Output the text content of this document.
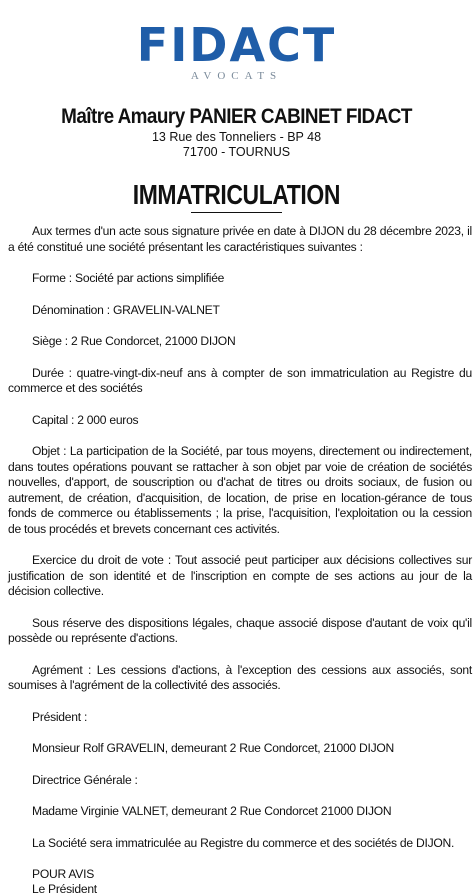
FIDACT
AVOCATS
Maître Amaury PANIER CABINET FIDACT
13 Rue des Tonneliers - BP 48
71700 - TOURNUS
IMMATRICULATION

Aux termes d'un acte sous signature privée en date à DIJON du 28 décembre 2023, il a été constitué une société présentant les caractéristiques suivantes :

Forme : Société par actions simplifiée

Dénomination : GRAVELIN-VALNET

Siège : 2 Rue Condorcet, 21000 DIJON

Durée : quatre-vingt-dix-neuf ans à compter de son immatriculation au Registre du commerce et des sociétés

Capital : 2 000 euros

Objet : La participation de la Société, par tous moyens, directement ou indirectement, dans toutes opérations pouvant se rattacher à son objet par voie de création de sociétés nouvelles, d'apport, de souscription ou d'achat de titres ou droits sociaux, de fusion ou autrement, de création, d'acquisition, de location, de prise en location-gérance de tous fonds de commerce ou établissements ; la prise, l'acquisition, l'exploitation ou la cession de tous procédés et brevets concernant ces activités.

Exercice du droit de vote : Tout associé peut participer aux décisions collectives sur justification de son identité et de l'inscription en compte de ses actions au jour de la décision collective.

Sous réserve des dispositions légales, chaque associé dispose d'autant de voix qu'il possède ou représente d'actions.

Agrément : Les cessions d'actions, à l'exception des cessions aux associés, sont soumises à l'agrément de la collectivité des associés.

Président :

Monsieur Rolf GRAVELIN, demeurant 2 Rue Condorcet, 21000 DIJON

Directrice Générale :

Madame Virginie VALNET, demeurant 2 Rue Condorcet 21000 DIJON

La Société sera immatriculée au Registre du commerce et des sociétés de DIJON.

POUR AVIS
Le Président
